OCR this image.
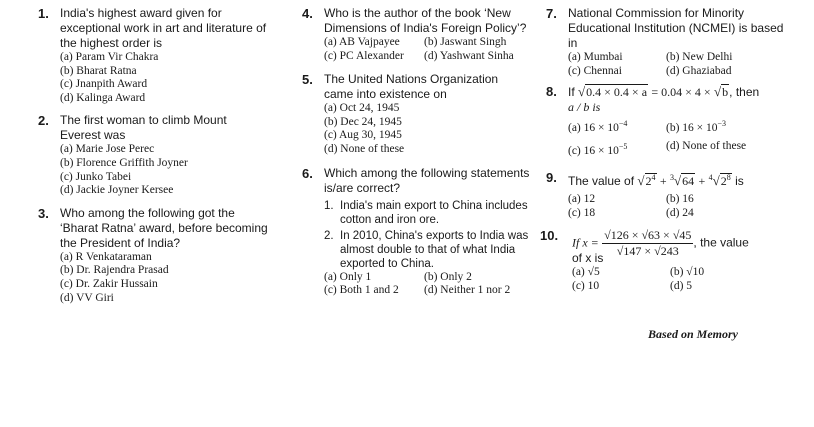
1. India's highest award given for exceptional work in art and literature of the highest order is
(a) Param Vir Chakra
(b) Bharat Ratna
(c) Jnanpith Award
(d) Kalinga Award
2. The first woman to climb Mount Everest was
(a) Marie Jose Perec
(b) Florence Griffith Joyner
(c) Junko Tabei
(d) Jackie Joyner Kersee
3. Who among the following got the ‘Bharat Ratna’ award, before becoming the President of India?
(a) R Venkataraman
(b) Dr. Rajendra Prasad
(c) Dr. Zakir Hussain
(d) VV Giri
4. Who is the author of the book ‘New Dimensions of India's Foreign Policy’?
(a) AB Vajpayee	(b) Jaswant Singh
(c) PC Alexander	(d) Yashwant Sinha
5. The United Nations Organization came into existence on
(a) Oct 24, 1945
(b) Dec 24, 1945
(c) Aug 30, 1945
(d) None of these
6. Which among the following statements is/are correct?
1. India's main export to China includes cotton and iron ore.
2. In 2010, China's exports to India was almost double to that of what India exported to China.
(a) Only 1	(b) Only 2
(c) Both 1 and 2	(d) Neither 1 nor 2
7. National Commission for Minority Educational Institution (NCMEI) is based in
(a) Mumbai	(b) New Delhi
(c) Chennai	(d) Ghaziabad
8. If √0.4 × 0.4 × a = 0.04 × 4 × √b, then
a / b is
(a) $16 \times 10^{-4}$	(b) $16 \times 10^{-3}$
(c) $16 \times 10^{-5}$	(d) None of these
9. The value of $√2^4 + ^3√64 + ^4√2^8$ is
(a) 12	(b) 16
(c) 18	(d) 24
10. If $x = \frac{√126 \times √63 \times √45}{√147 \times √243}$ , the value
of x is
(a) √5	(b) √10
(c) 10	(d) 5
Based on Memory
